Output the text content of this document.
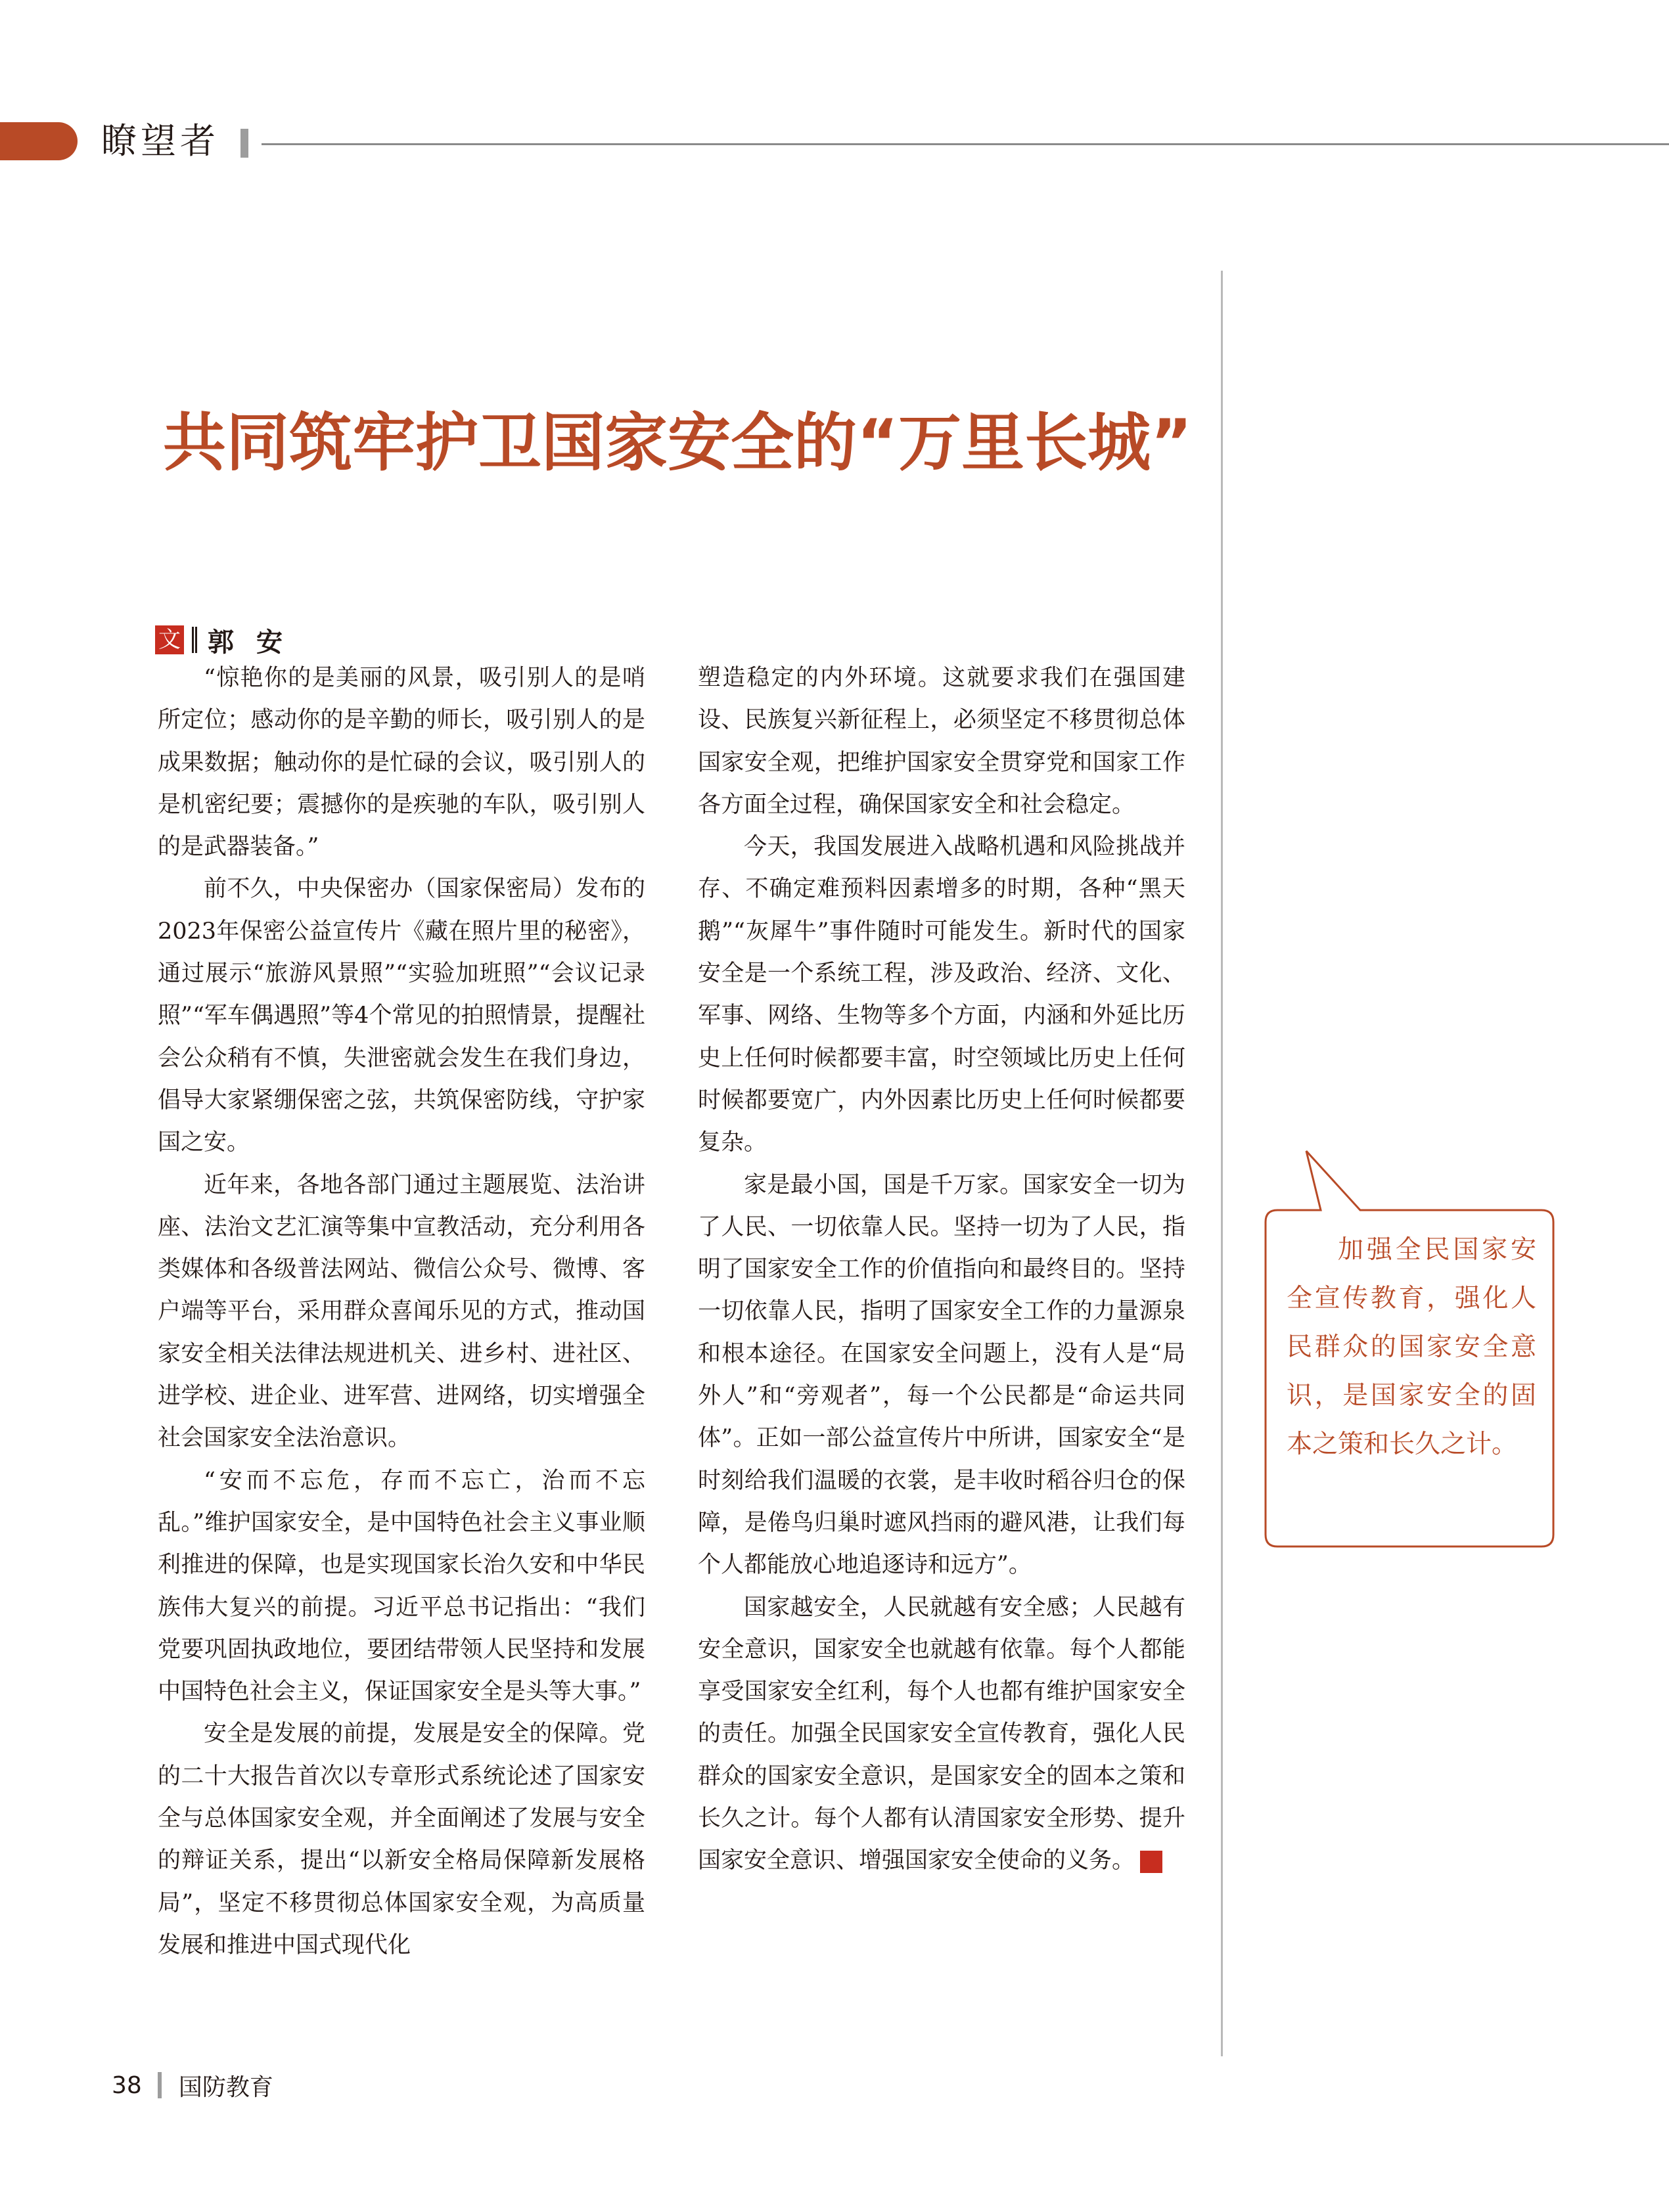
瞭望者
共同筑牢护卫国家安全的“万里长城”
文 郭安

“惊艳你的是美丽的风景，吸引别人的是哨所定位；感动你的是辛勤的师长，吸引别人的是成果数据；触动你的是忙碌的会议，吸引别人的是机密纪要；震撼你的是疾驰的车队，吸引别人的是武器装备。”

前不久，中央保密办（国家保密局）发布的2023年保密公益宣传片《藏在照片里的秘密》，通过展示“旅游风景照”“实验加班照”“会议记录照”“军车偶遇照”等4个常见的拍照情景，提醒社会公众稍有不慎，失泄密就会发生在我们身边，倡导大家紧绷保密之弦，共筑保密防线，守护家国之安。

近年来，各地各部门通过主题展览、法治讲座、法治文艺汇演等集中宣教活动，充分利用各类媒体和各级普法网站、微信公众号、微博、客户端等平台，采用群众喜闻乐见的方式，推动国家安全相关法律法规进机关、进乡村、进社区、进学校、进企业、进军营、进网络，切实增强全社会国家安全法治意识。

“安而不忘危，存而不忘亡，治而不忘乱。”维护国家安全，是中国特色社会主义事业顺利推进的保障，也是实现国家长治久安和中华民族伟大复兴的前提。习近平总书记指出：“我们党要巩固执政地位，要团结带领人民坚持和发展中国特色社会主义，保证国家安全是头等大事。”

安全是发展的前提，发展是安全的保障。党的二十大报告首次以专章形式系统论述了国家安全与总体国家安全观，并全面阐述了发展与安全的辩证关系，提出“以新安全格局保障新发展格局”，坚定不移贯彻总体国家安全观，为高质量发展和推进中国式现代化

塑造稳定的内外环境。这就要求我们在强国建设、民族复兴新征程上，必须坚定不移贯彻总体国家安全观，把维护国家安全贯穿党和国家工作各方面全过程，确保国家安全和社会稳定。

今天，我国发展进入战略机遇和风险挑战并存、不确定难预料因素增多的时期，各种“黑天鹅”“灰犀牛”事件随时可能发生。新时代的国家安全是一个系统工程，涉及政治、经济、文化、军事、网络、生物等多个方面，内涵和外延比历史上任何时候都要丰富，时空领域比历史上任何时候都要宽广，内外因素比历史上任何时候都要复杂。

家是最小国，国是千万家。国家安全一切为了人民、一切依靠人民。坚持一切为了人民，指明了国家安全工作的价值指向和最终目的。坚持一切依靠人民，指明了国家安全工作的力量源泉和根本途径。在国家安全问题上，没有人是“局外人”和“旁观者”，每一个公民都是“命运共同体”。正如一部公益宣传片中所讲，国家安全“是时刻给我们温暖的衣裳，是丰收时稻谷归仓的保障，是倦鸟归巢时遮风挡雨的避风港，让我们每个人都能放心地追逐诗和远方”。

国家越安全，人民就越有安全感；人民越有安全意识，国家安全也就越有依靠。每个人都能享受国家安全红利，每个人也都有维护国家安全的责任。加强全民国家安全宣传教育，强化人民群众的国家安全意识，是国家安全的固本之策和长久之计。每个人都有认清国家安全形势、提升国家安全意识、增强国家安全使命的义务。	G

加强全民国家安全宣传教育，强化人民群众的国家安全意识，是国家安全的固本之策和长久之计。
38 国防教育
